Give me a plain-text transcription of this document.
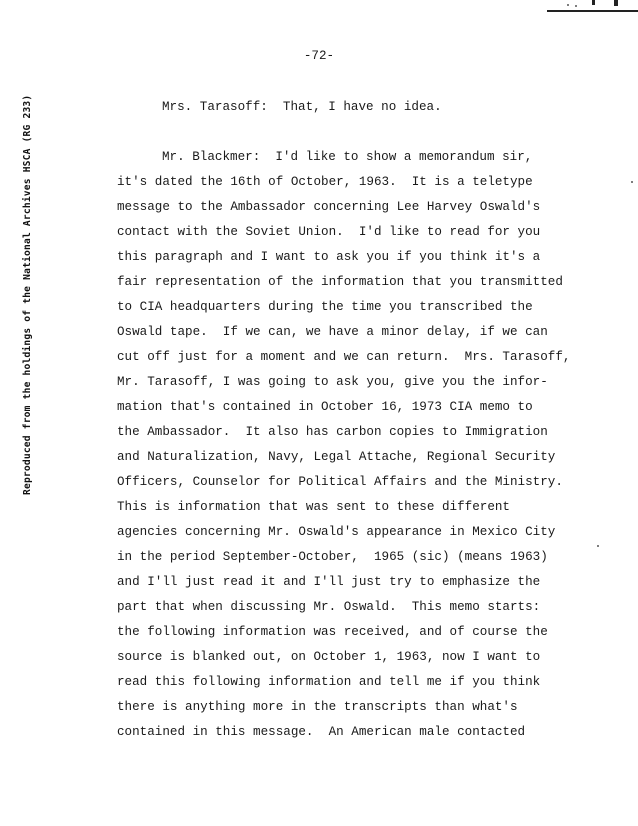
Reproduced from the holdings of the National Archives HSCA (RG 233)
-72-
Mrs. Tarasoff:  That, I have no idea.
Mr. Blackmer:  I'd like to show a memorandum sir,
it's dated the 16th of October, 1963.  It is a teletype
message to the Ambassador concerning Lee Harvey Oswald's
contact with the Soviet Union.  I'd like to read for you
this paragraph and I want to ask you if you think it's a
fair representation of the information that you transmitted
to CIA headquarters during the time you transcribed the
Oswald tape.  If we can, we have a minor delay, if we can
cut off just for a moment and we can return.  Mrs. Tarasoff,
Mr. Tarasoff, I was going to ask you, give you the infor-
mation that's contained in October 16, 1973 CIA memo to
the Ambassador.  It also has carbon copies to Immigration
and Naturalization, Navy, Legal Attache, Regional Security
Officers, Counselor for Political Affairs and the Ministry.
This is information that was sent to these different
agencies concerning Mr. Oswald's appearance in Mexico City
in the period September-October,  1965 (sic) (means 1963)
and I'll just read it and I'll just try to emphasize the
part that when discussing Mr. Oswald.  This memo starts:
the following information was received, and of course the
source is blanked out, on October 1, 1963, now I want to
read this following information and tell me if you think
there is anything more in the transcripts than what's
contained in this message.  An American male contacted
